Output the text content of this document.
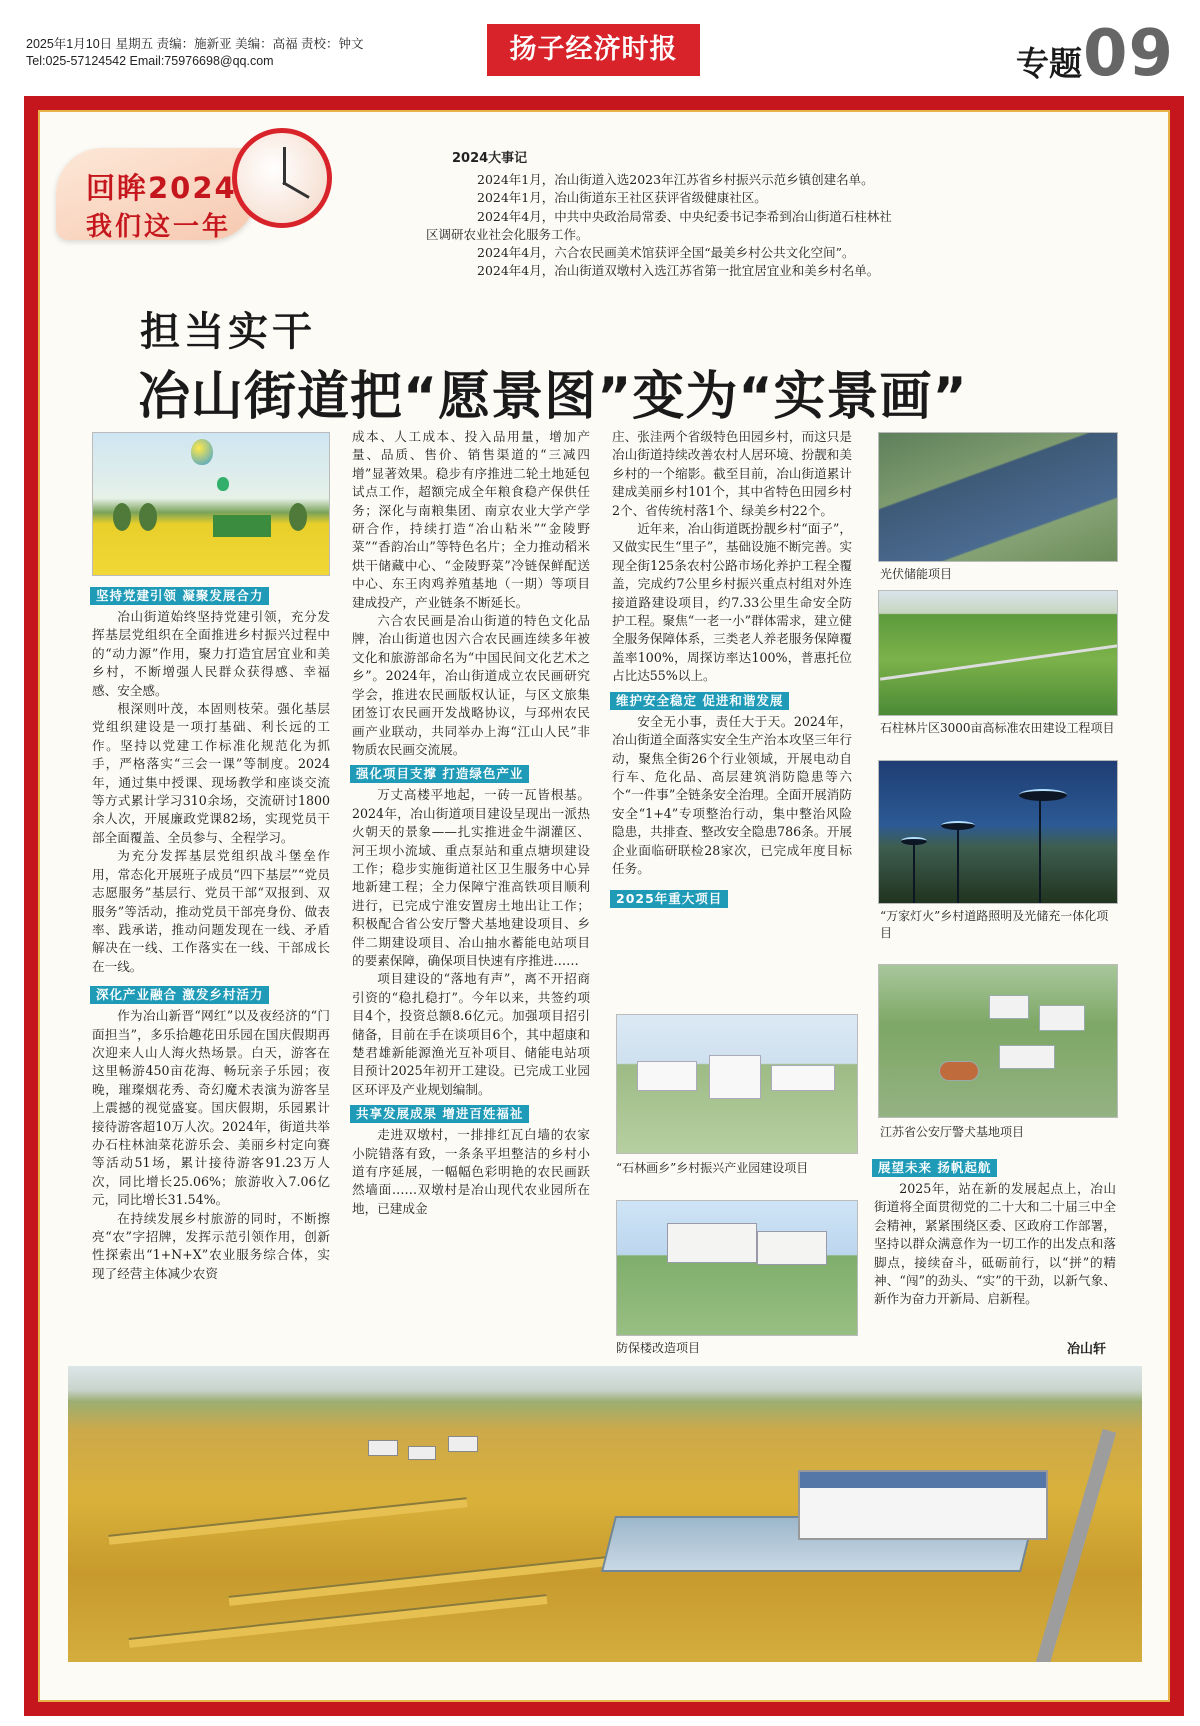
2025年1月10日 星期五 责编：施新亚 美编：高福 责校：钟文
Tel:025-57124542 Email:75976698@qq.com	扬子经济时报	专题 09
回眸2024
我们这一年
2024大事记
2024年1月，冶山街道入选2023年江苏省乡村振兴示范乡镇创建名单。
2024年1月，冶山街道东王社区获评省级健康社区。
2024年4月，中共中央政治局常委、中央纪委书记李希到冶山街道石柱林社
区调研农业社会化服务工作。
2024年4月，六合农民画美术馆获评全国“最美乡村公共文化空间”。
2024年4月，冶山街道双墩村入选江苏省第一批宜居宜业和美乡村名单。
担当实干
冶山街道把“愿景图”变为“实景画”
光伏储能项目
石柱林片区3000亩高标准农田建设工程项目
“万家灯火”乡村道路照明及光储充一体化项目
江苏省公安厅警犬基地项目
“石林画乡”乡村振兴产业园建设项目
防保楼改造项目
坚持党建引领 凝聚发展合力

冶山街道始终坚持党建引领，充分发挥基层党组织在全面推进乡村振兴过程中的“动力源”作用，聚力打造宜居宜业和美乡村，不断增强人民群众获得感、幸福感、安全感。

根深则叶茂，本固则枝荣。强化基层党组织建设是一项打基础、利长远的工作。坚持以党建工作标准化规范化为抓手，严格落实“三会一课”等制度。2024年，通过集中授课、现场教学和座谈交流等方式累计学习310余场，交流研讨1800余人次，开展廉政党课82场，实现党员干部全面覆盖、全员参与、全程学习。

为充分发挥基层党组织战斗堡垒作用，常态化开展班子成员“四下基层”“党员志愿服务”基层行、党员干部“双报到、双服务”等活动，推动党员干部亮身份、做表率、践承诺，推动问题发现在一线、矛盾解决在一线、工作落实在一线、干部成长在一线。

深化产业融合 激发乡村活力

作为冶山新晋“网红”以及夜经济的“门面担当”，多乐拾趣花田乐园在国庆假期再次迎来人山人海火热场景。白天，游客在这里畅游450亩花海、畅玩亲子乐园；夜晚，璀璨烟花秀、奇幻魔术表演为游客呈上震撼的视觉盛宴。国庆假期，乐园累计接待游客超10万人次。2024年，街道共举办石柱林油菜花游乐会、美丽乡村定向赛等活动51场，累计接待游客91.23万人次，同比增长25.06%；旅游收入7.06亿元，同比增长31.54%。

在持续发展乡村旅游的同时，不断擦亮“农”字招牌，发挥示范引领作用，创新性探索出“1+N+X”农业服务综合体，实现了经营主体减少农资

成本、人工成本、投入品用量，增加产量、品质、售价、销售渠道的“三减四增”显著效果。稳步有序推进二轮土地延包试点工作，超额完成全年粮食稳产保供任务；深化与南粮集团、南京农业大学产学研合作，持续打造“冶山粘米”“金陵野菜”“香韵冶山”等特色名片；全力推动稻米烘干储藏中心、“金陵野菜”冷链保鲜配送中心、东王肉鸡养殖基地（一期）等项目建成投产，产业链条不断延长。

六合农民画是冶山街道的特色文化品牌，冶山街道也因六合农民画连续多年被文化和旅游部命名为“中国民间文化艺术之乡”。2024年，冶山街道成立农民画研究学会，推进农民画版权认证，与区文旅集团签订农民画开发战略协议，与邳州农民画产业联动，共同举办上海“江山人民”非物质农民画交流展。

强化项目支撑 打造绿色产业

万丈高楼平地起，一砖一瓦皆根基。2024年，冶山街道项目建设呈现出一派热火朝天的景象——扎实推进金牛湖灌区、河王坝小流域、重点泵站和重点塘坝建设工作；稳步实施街道社区卫生服务中心异地新建工程；全力保障宁淮高铁项目顺利进行，已完成宁淮安置房土地出让工作；积极配合省公安厅警犬基地建设项目、乡伴二期建设项目、冶山抽水蓄能电站项目的要素保障，确保项目快速有序推进……

项目建设的“落地有声”，离不开招商引资的“稳扎稳打”。今年以来，共签约项目4个，投资总额8.6亿元。加强项目招引储备，目前在手在谈项目6个，其中超康和楚君雄新能源渔光互补项目、储能电站项目预计2025年初开工建设。已完成工业园区环评及产业规划编制。

共享发展成果 增进百姓福祉

走进双墩村，一排排红瓦白墙的农家小院错落有致，一条条平坦整洁的乡村小道有序延展，一幅幅色彩明艳的农民画跃然墙面……双墩村是冶山现代农业园所在地，已建成金

庄、张洼两个省级特色田园乡村，而这只是冶山街道持续改善农村人居环境、扮靓和美乡村的一个缩影。截至目前，冶山街道累计建成美丽乡村101个，其中省特色田园乡村2个、省传统村落1个、绿美乡村22个。

近年来，冶山街道既扮靓乡村“面子”，又做实民生“里子”，基础设施不断完善。实现全街125条农村公路市场化养护工程全覆盖，完成约7公里乡村振兴重点村组对外连接道路建设项目，约7.33公里生命安全防护工程。聚焦“一老一小”群体需求，建立健全服务保障体系，三类老人养老服务保障覆盖率100%，周探访率达100%，普惠托位占比达55%以上。

维护安全稳定 促进和谐发展

安全无小事，责任大于天。2024年，冶山街道全面落实安全生产治本攻坚三年行动，聚焦全街26个行业领域，开展电动自行车、危化品、高层建筑消防隐患等六个“一件事”全链条安全治理。全面开展消防安全“1+4”专项整治行动，集中整治风险隐患，共排查、整改安全隐患786条。开展企业面临研联检28家次，已完成年度目标任务。

2025年重大项目
展望未来 扬帆起航

2025年，站在新的发展起点上，冶山街道将全面贯彻党的二十大和二十届三中全会精神，紧紧围绕区委、区政府工作部署，坚持以群众满意作为一切工作的出发点和落脚点，接续奋斗，砥砺前行，以“拼”的精神、“闯”的劲头、“实”的干劲，以新气象、新作为奋力开新局、启新程。

冶山轩
